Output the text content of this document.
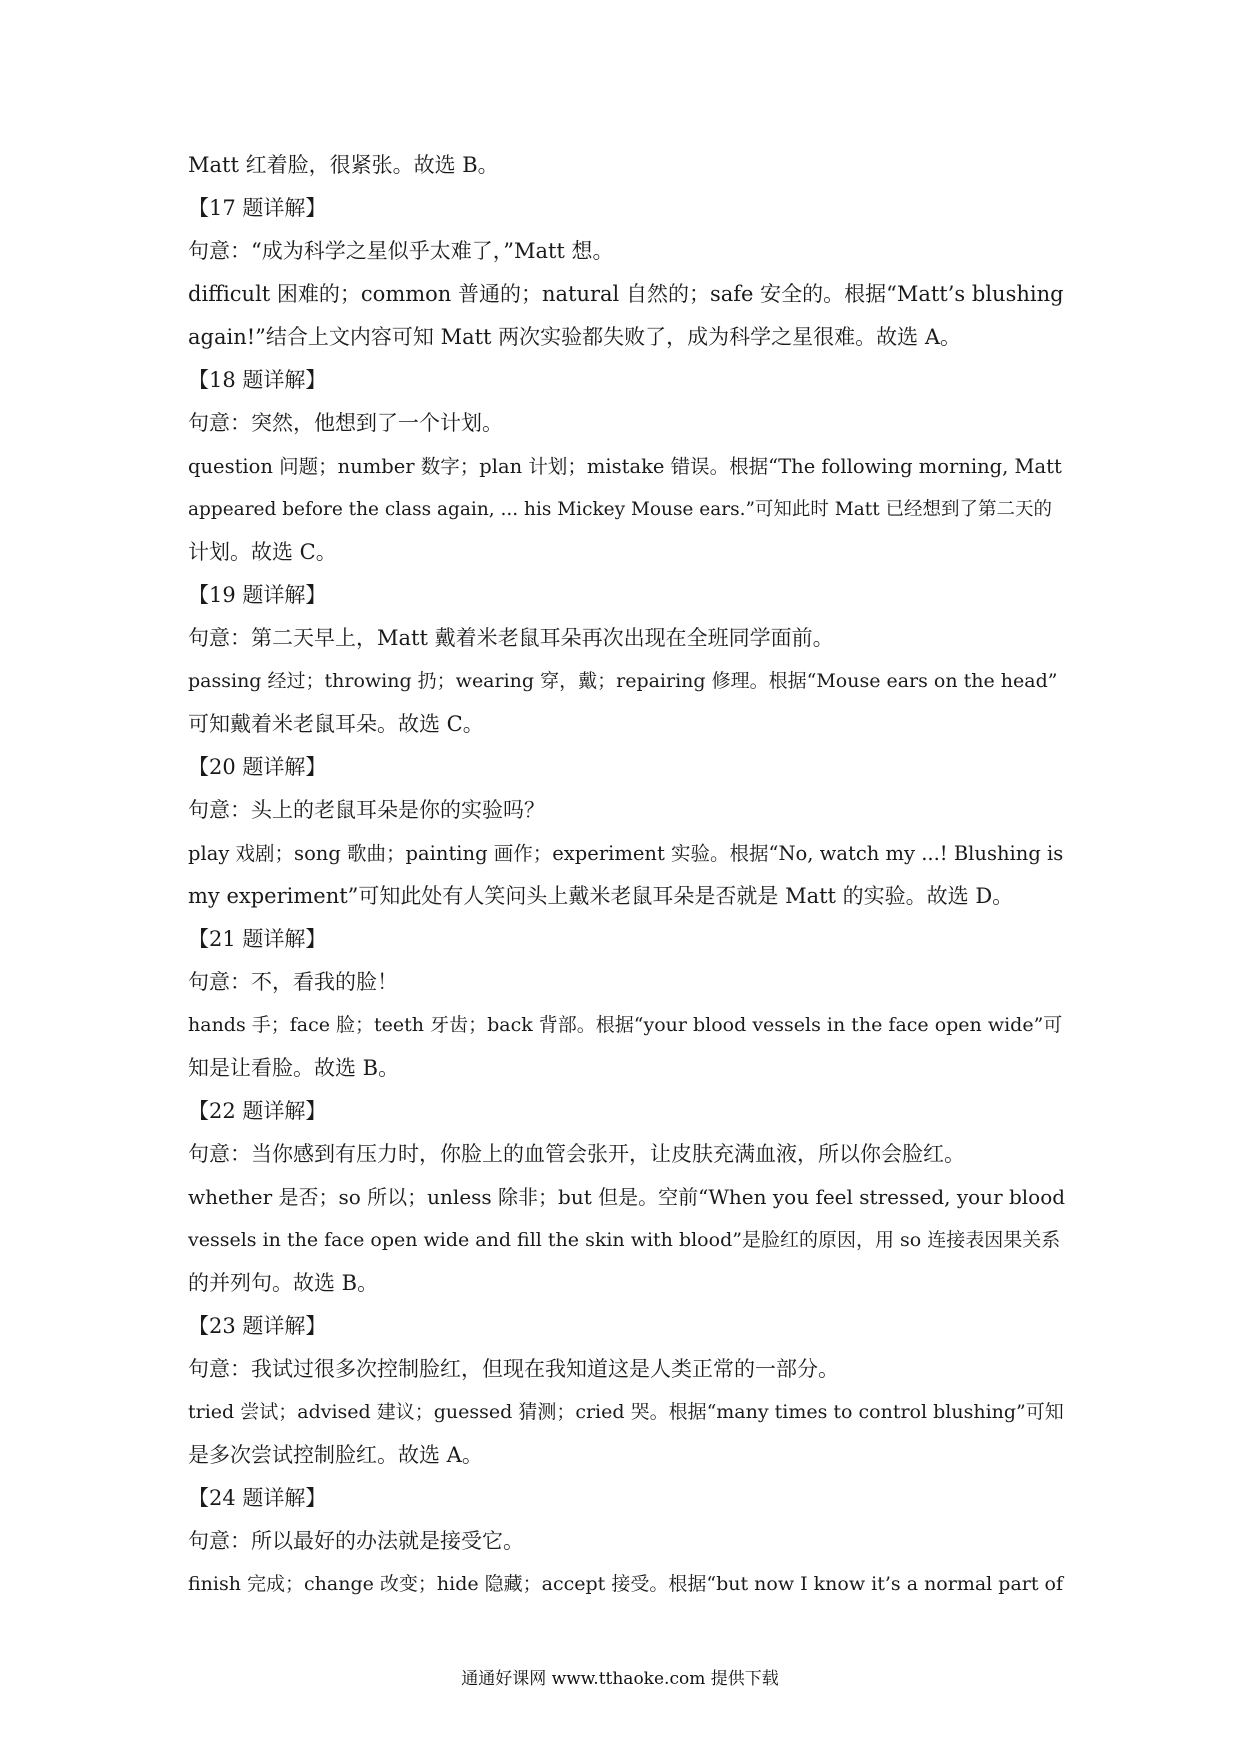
Matt 红着脸，很紧张。故选 B。
【17 题详解】
句意：“成为科学之星似乎太难了，”Matt 想。
difficult 困难的；common 普通的；natural 自然的；safe 安全的。根据“Matt’s blushing
again!”结合上文内容可知 Matt 两次实验都失败了，成为科学之星很难。故选 A。
【18 题详解】
句意：突然，他想到了一个计划。
question 问题；number 数字；plan 计划；mistake 错误。根据“The following morning, Matt
appeared before the class again, ... his Mickey Mouse ears.”可知此时 Matt 已经想到了第二天的
计划。故选 C。
【19 题详解】
句意：第二天早上，Matt 戴着米老鼠耳朵再次出现在全班同学面前。
passing 经过；throwing 扔；wearing 穿，戴；repairing 修理。根据“Mouse ears on the head”
可知戴着米老鼠耳朵。故选 C。
【20 题详解】
句意：头上的老鼠耳朵是你的实验吗？
play 戏剧；song 歌曲；painting 画作；experiment 实验。根据“No, watch my ...! Blushing is
my experiment”可知此处有人笑问头上戴米老鼠耳朵是否就是 Matt 的实验。故选 D。
【21 题详解】
句意：不，看我的脸！
hands 手；face 脸；teeth 牙齿；back 背部。根据“your blood vessels in the face open wide”可
知是让看脸。故选 B。
【22 题详解】
句意：当你感到有压力时，你脸上的血管会张开，让皮肤充满血液，所以你会脸红。
whether 是否；so 所以；unless 除非；but 但是。空前“When you feel stressed, your blood
vessels in the face open wide and fill the skin with blood”是脸红的原因，用 so 连接表因果关系
的并列句。故选 B。
【23 题详解】
句意：我试过很多次控制脸红，但现在我知道这是人类正常的一部分。
tried 尝试；advised 建议；guessed 猜测；cried 哭。根据“many times to control blushing”可知
是多次尝试控制脸红。故选 A。
【24 题详解】
句意：所以最好的办法就是接受它。
finish 完成；change 改变；hide 隐藏；accept 接受。根据“but now I know it’s a normal part of
通通好课网 www.tthaoke.com 提供下载
